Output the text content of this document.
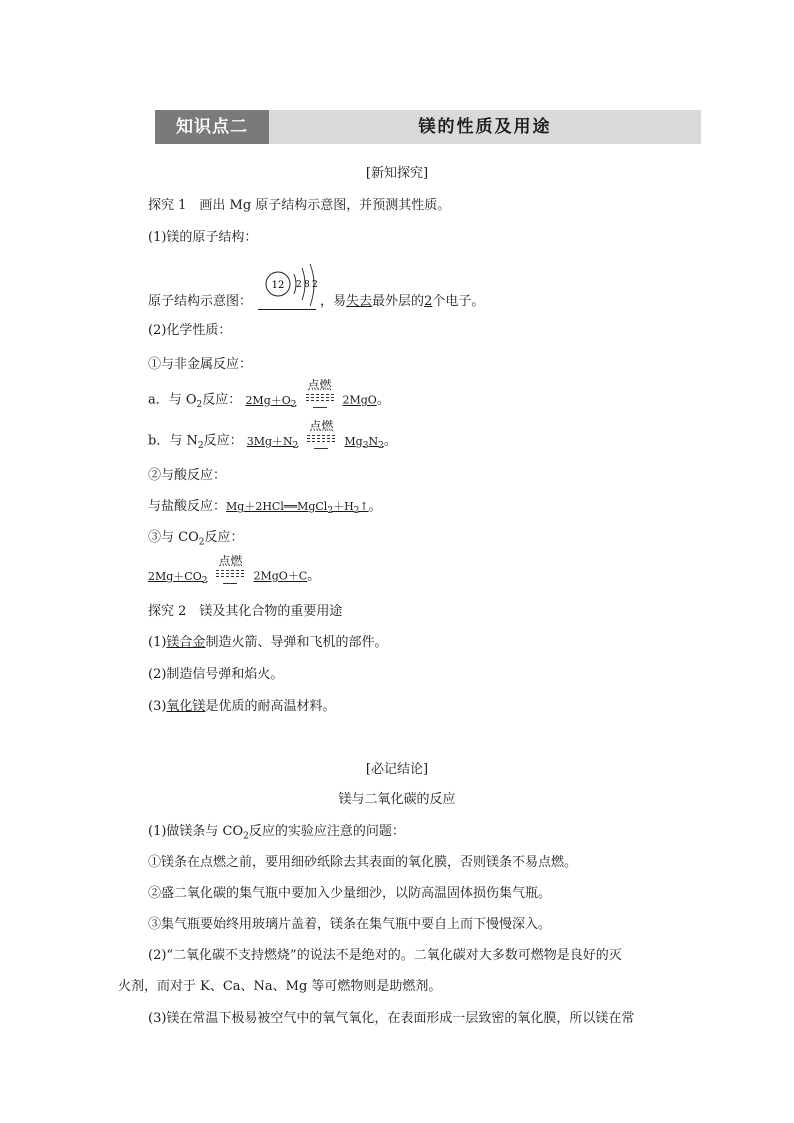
知识点二	镁的性质及用途
[新知探究]
探究 1　画出 Mg 原子结构示意图，并预测其性质。
(1)镁的原子结构：
12 2 8 2
原子结构示意图：	，易失去最外层的2个电子。
(2)化学性质：
①与非金属反应：
a．与 $O_2$反应： $2Mg+O_2$
点燃
2MgO。
b．与 $N_2$反应： $3Mg+N_2$
点燃
$Mg_3N_2$。
②与酸反应：
与盐酸反应：$Mg+2HCl══MgCl_2+H_2↑$。
③与 $CO_2$反应：
$2Mg+CO_2$
点燃
2MgO＋C。
探究 2　镁及其化合物的重要用途
(1)镁合金制造火箭、导弹和飞机的部件。
(2)制造信号弹和焰火。
(3)氧化镁是优质的耐高温材料。
[必记结论]
镁与二氧化碳的反应
(1)做镁条与 $CO_2$反应的实验应注意的问题：
①镁条在点燃之前，要用细砂纸除去其表面的氧化膜，否则镁条不易点燃。
②盛二氧化碳的集气瓶中要加入少量细沙，以防高温固体损伤集气瓶。
③集气瓶要始终用玻璃片盖着，镁条在集气瓶中要自上而下慢慢深入。
(2)“二氧化碳不支持燃烧”的说法不是绝对的。二氧化碳对大多数可燃物是良好的灭
火剂，而对于 K、Ca、Na、Mg 等可燃物则是助燃剂。
(3)镁在常温下极易被空气中的氧气氧化，在表面形成一层致密的氧化膜，所以镁在常
